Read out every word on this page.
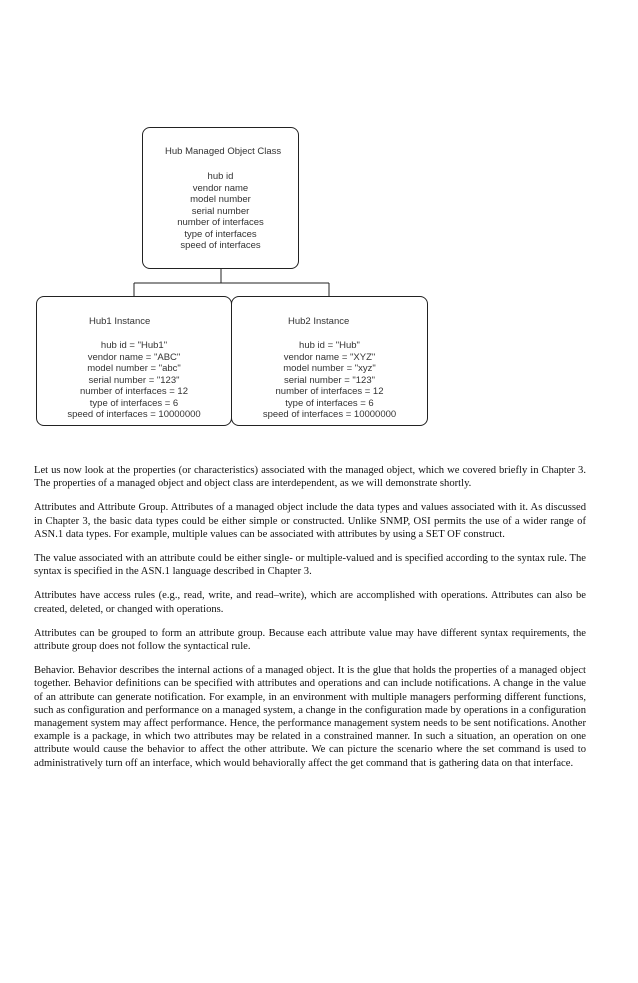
Hub Managed Object Class
hub id
vendor name
model number
serial number
number of interfaces
type of interfaces
speed of interfaces
Hub1 Instance
hub id = "Hub1"
vendor name = "ABC"
model number = "abc"
serial number = "123"
number of interfaces = 12
type of interfaces = 6
speed of interfaces = 10000000
Hub2 Instance
hub id = "Hub"
vendor name = "XYZ"
model number = "xyz"
serial number = "123"
number of interfaces = 12
type of interfaces = 6
speed of interfaces = 10000000

Let us now look at the properties (or characteristics) associated with the managed object, which we covered briefly in Chapter 3. The properties of a managed object and object class are interdependent, as we will demonstrate shortly.

Attributes and Attribute Group. Attributes of a managed object include the data types and values associated with it. As discussed in Chapter 3, the basic data types could be either simple or constructed. Unlike SNMP, OSI permits the use of a wider range of ASN.1 data types. For example, multiple values can be associated with attributes by using a SET OF construct.

The value associated with an attribute could be either single- or multiple-valued and is specified according to the syntax rule. The syntax is specified in the ASN.1 language described in Chapter 3.

Attributes have access rules (e.g., read, write, and read–write), which are accomplished with operations. Attributes can also be created, deleted, or changed with operations.

Attributes can be grouped to form an attribute group. Because each attribute value may have different syntax requirements, the attribute group does not follow the syntactical rule.

Behavior. Behavior describes the internal actions of a managed object. It is the glue that holds the properties of a managed object together. Behavior definitions can be specified with attributes and operations and can include notifications. A change in the value of an attribute can generate notification. For example, in an environment with multiple managers performing different functions, such as configuration and performance on a managed system, a change in the configuration made by operations in a configuration management system may affect performance. Hence, the performance management system needs to be sent notifications. Another example is a package, in which two attributes may be related in a constrained manner. In such a situation, an operation on one attribute would cause the behavior to affect the other attribute. We can picture the scenario where the set command is used to administratively turn off an interface, which would behaviorally affect the get command that is gathering data on that interface.
